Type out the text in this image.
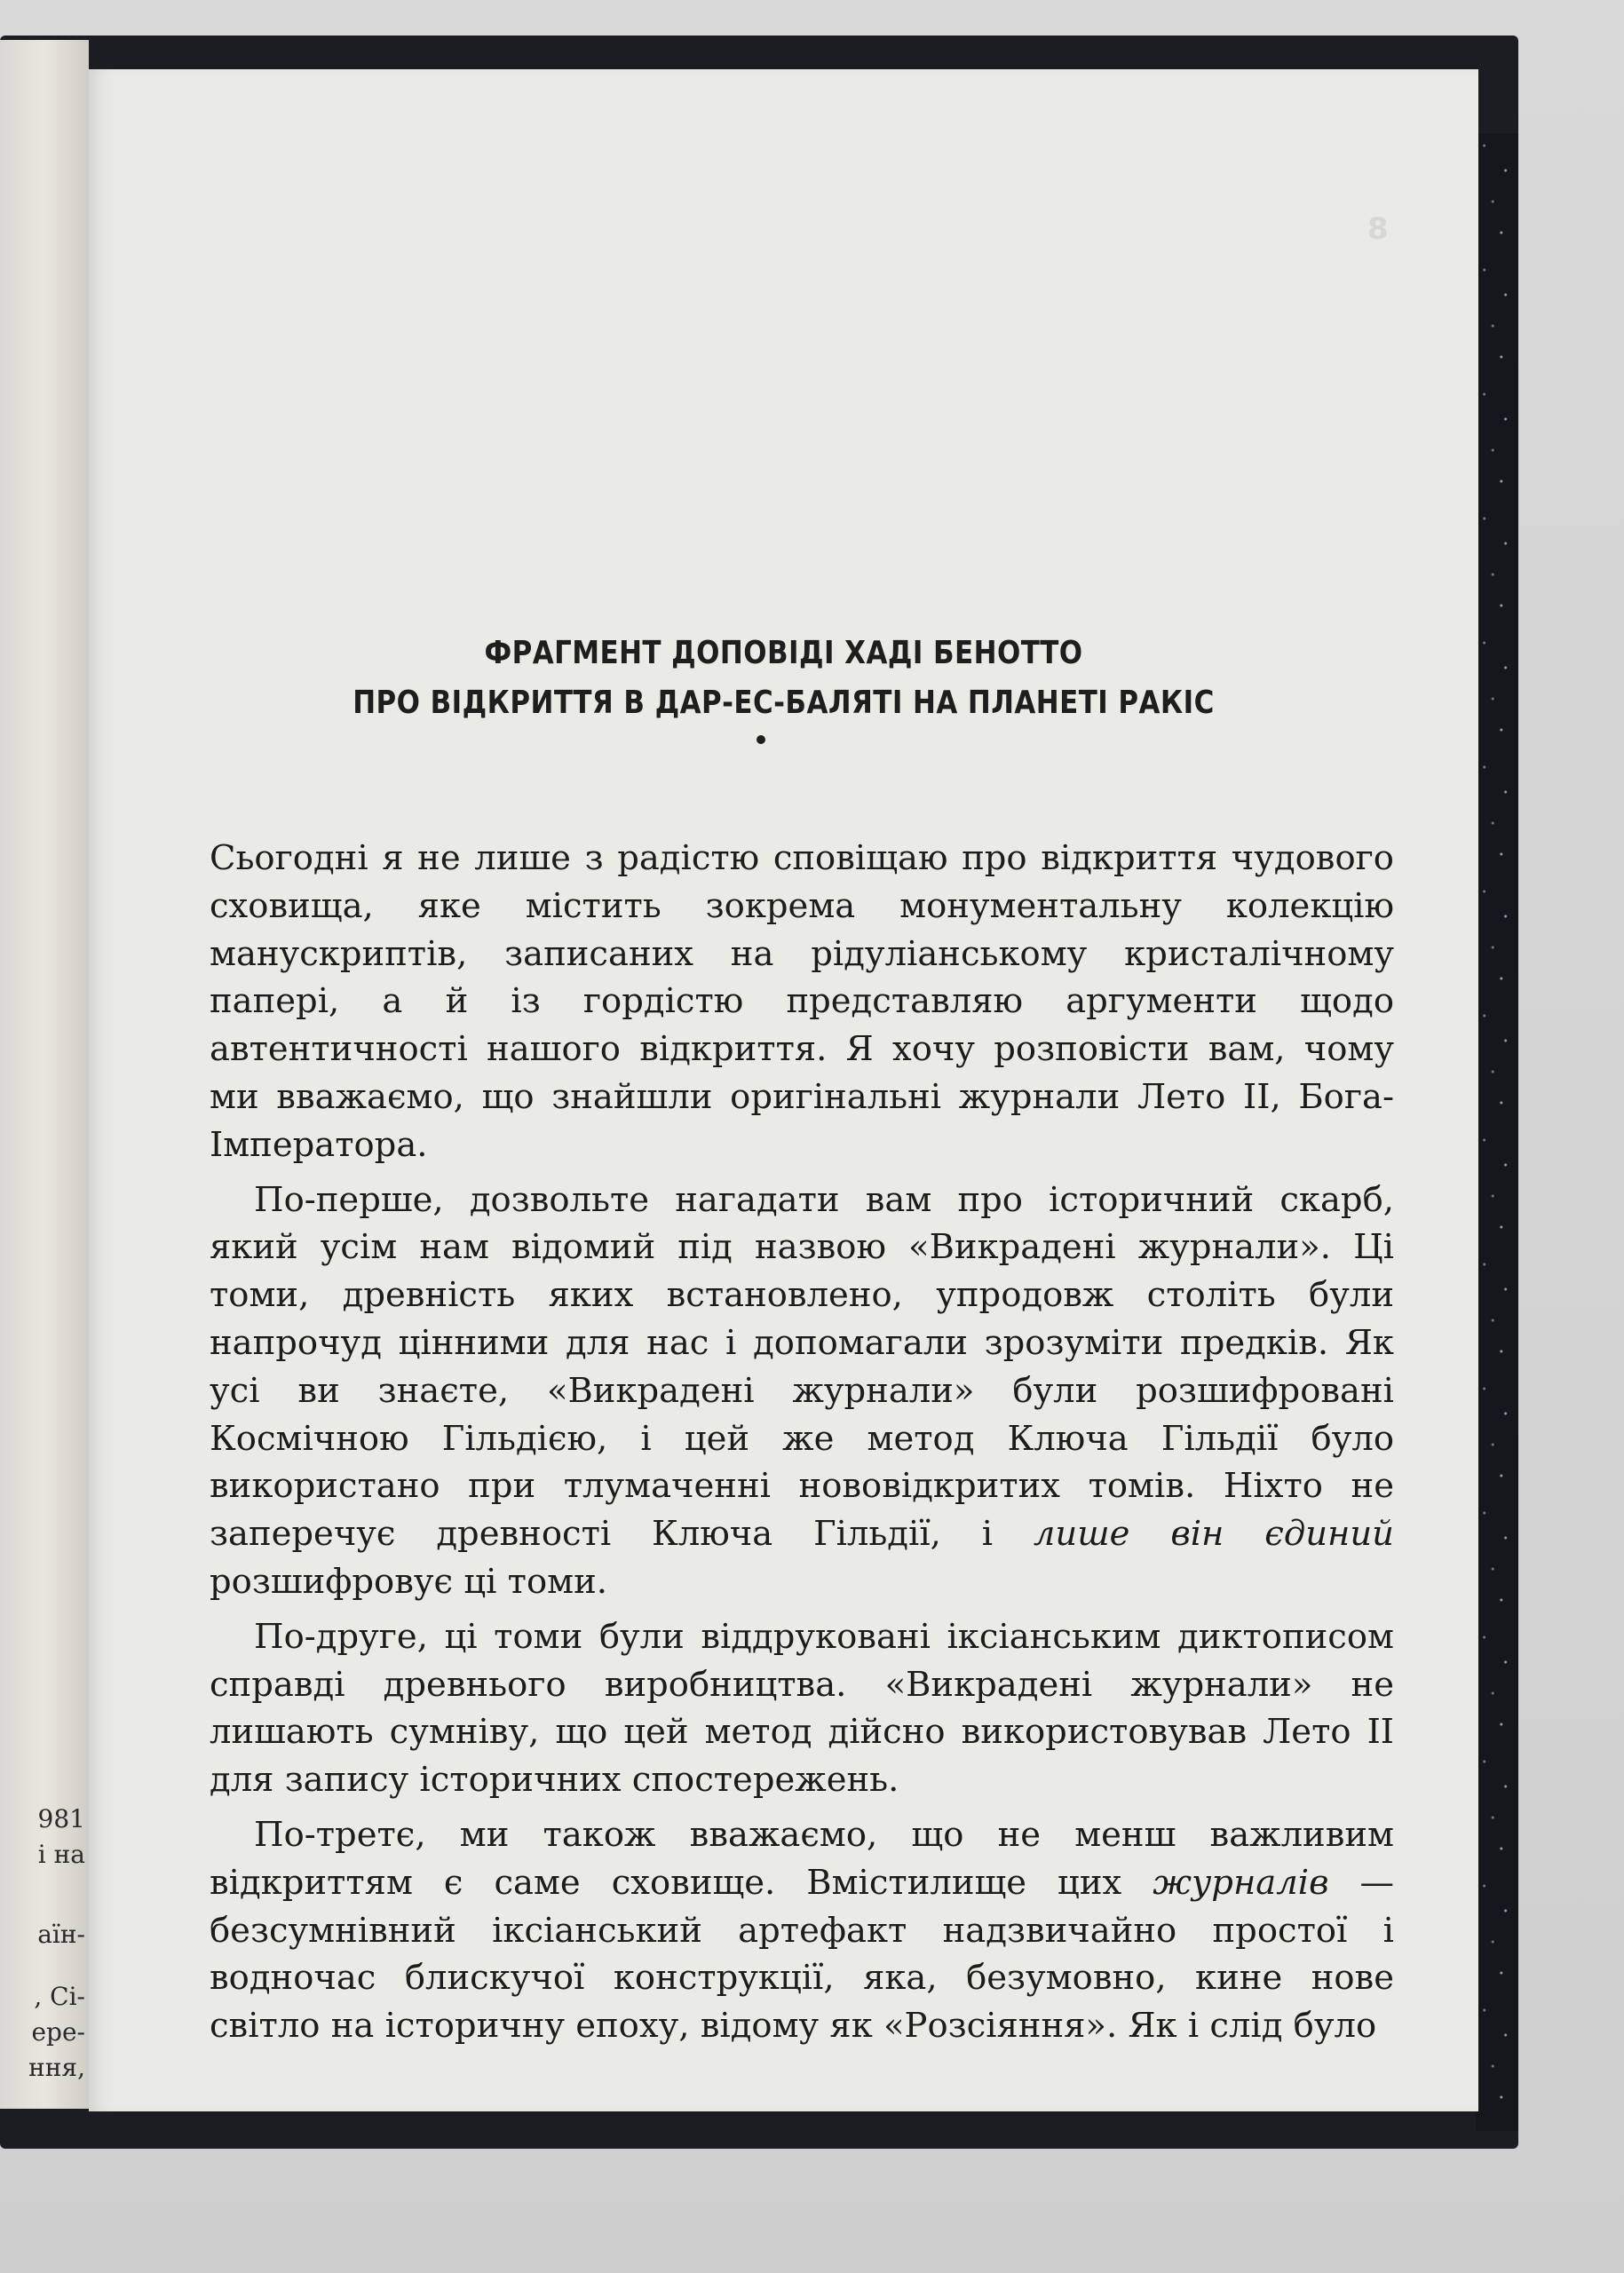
981
і на
аїн-
, Сі-
ере-
ння,
8
ФРАГМЕНТ ДОПОВІДІ ХАДІ БЕНОТТО
ПРО ВІДКРИТТЯ В ДАР-ЕС-БАЛЯТІ НА ПЛАНЕТІ РАКІС

Сьогодні я не лише з радістю сповіщаю про відкриття чудового сховища, яке містить зокрема монументальну колекцію манускриптів, записаних на рідуліанському кристалічному папері, а й із гордістю представляю аргументи щодо автентичності нашого відкриття. Я хочу розповісти вам, чому ми вважаємо, що знайшли оригінальні журнали Лето II, Бога-Імператора.

По-перше, дозвольте нагадати вам про історичний скарб, який усім нам відомий під назвою «Викрадені журнали». Ці томи, древність яких встановлено, упродовж століть були напрочуд цінними для нас і допомагали зрозуміти предків. Як усі ви знаєте, «Викрадені журнали» були розшифровані Космічною Гільдією, і цей же метод Ключа Гільдії було використано при тлумаченні нововідкритих томів. Ніхто не заперечує древності Ключа Гільдії, і лише він єдиний розшифровує ці томи.

По-друге, ці томи були віддруковані іксіанським диктописом справді древнього виробництва. «Викрадені журнали» не лишають сумніву, що цей метод дійсно використовував Лето II для запису історичних спостережень.

По-третє, ми також вважаємо, що не менш важливим відкриттям є саме сховище. Вмістилище цих журналів — безсумнівний іксіанський артефакт надзвичайно простої і водночас блискучої конструкції, яка, безумовно, кине нове світло на історичну епоху, відому як «Розсіяння». Як і слід було
